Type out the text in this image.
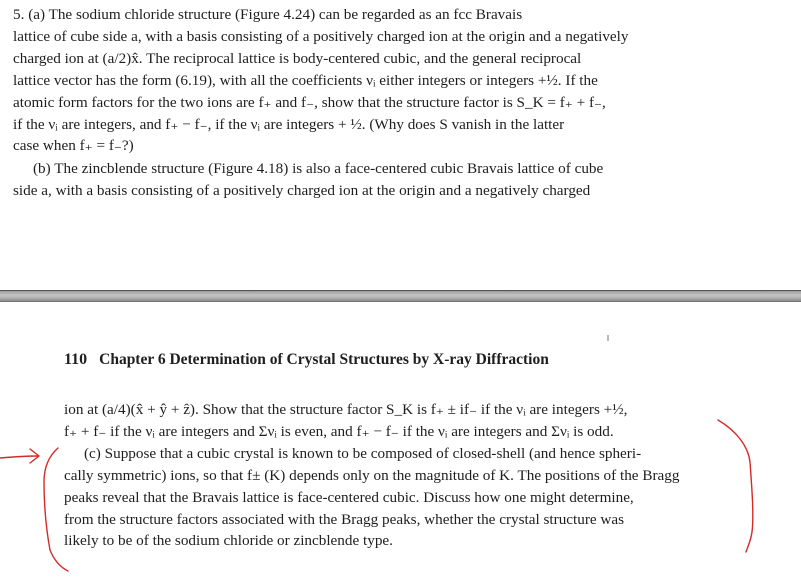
5. (a) The sodium chloride structure (Figure 4.24) can be regarded as an fcc Bravais
lattice of cube side a, with a basis consisting of a positively charged ion at the origin and a negatively
charged ion at (a/2)x̂. The reciprocal lattice is body-centered cubic, and the general reciprocal
lattice vector has the form (6.19), with all the coefficients νᵢ either integers or integers +½. If the
atomic form factors for the two ions are f₊ and f₋, show that the structure factor is S_K = f₊ + f₋,
if the νᵢ are integers, and f₊ − f₋, if the νᵢ are integers + ½. (Why does S vanish in the latter
case when f₊ = f₋?)

(b) The zincblende structure (Figure 4.18) is also a face-centered cubic Bravais lattice of cube
side a, with a basis consisting of a positively charged ion at the origin and a negatively charged

110 Chapter 6 Determination of Crystal Structures by X-ray Diffraction

ion at (a/4)(x̂ + ŷ + ẑ). Show that the structure factor S_K is f₊ ± if₋ if the νᵢ are integers +½,
f₊ + f₋ if the νᵢ are integers and Σνᵢ is even, and f₊ − f₋ if the νᵢ are integers and Σνᵢ is odd.
(c) Suppose that a cubic crystal is known to be composed of closed-shell (and hence spheri-
cally symmetric) ions, so that f± (K) depends only on the magnitude of K. The positions of the Bragg
peaks reveal that the Bravais lattice is face-centered cubic. Discuss how one might determine,
from the structure factors associated with the Bragg peaks, whether the crystal structure was
likely to be of the sodium chloride or zincblende type.
